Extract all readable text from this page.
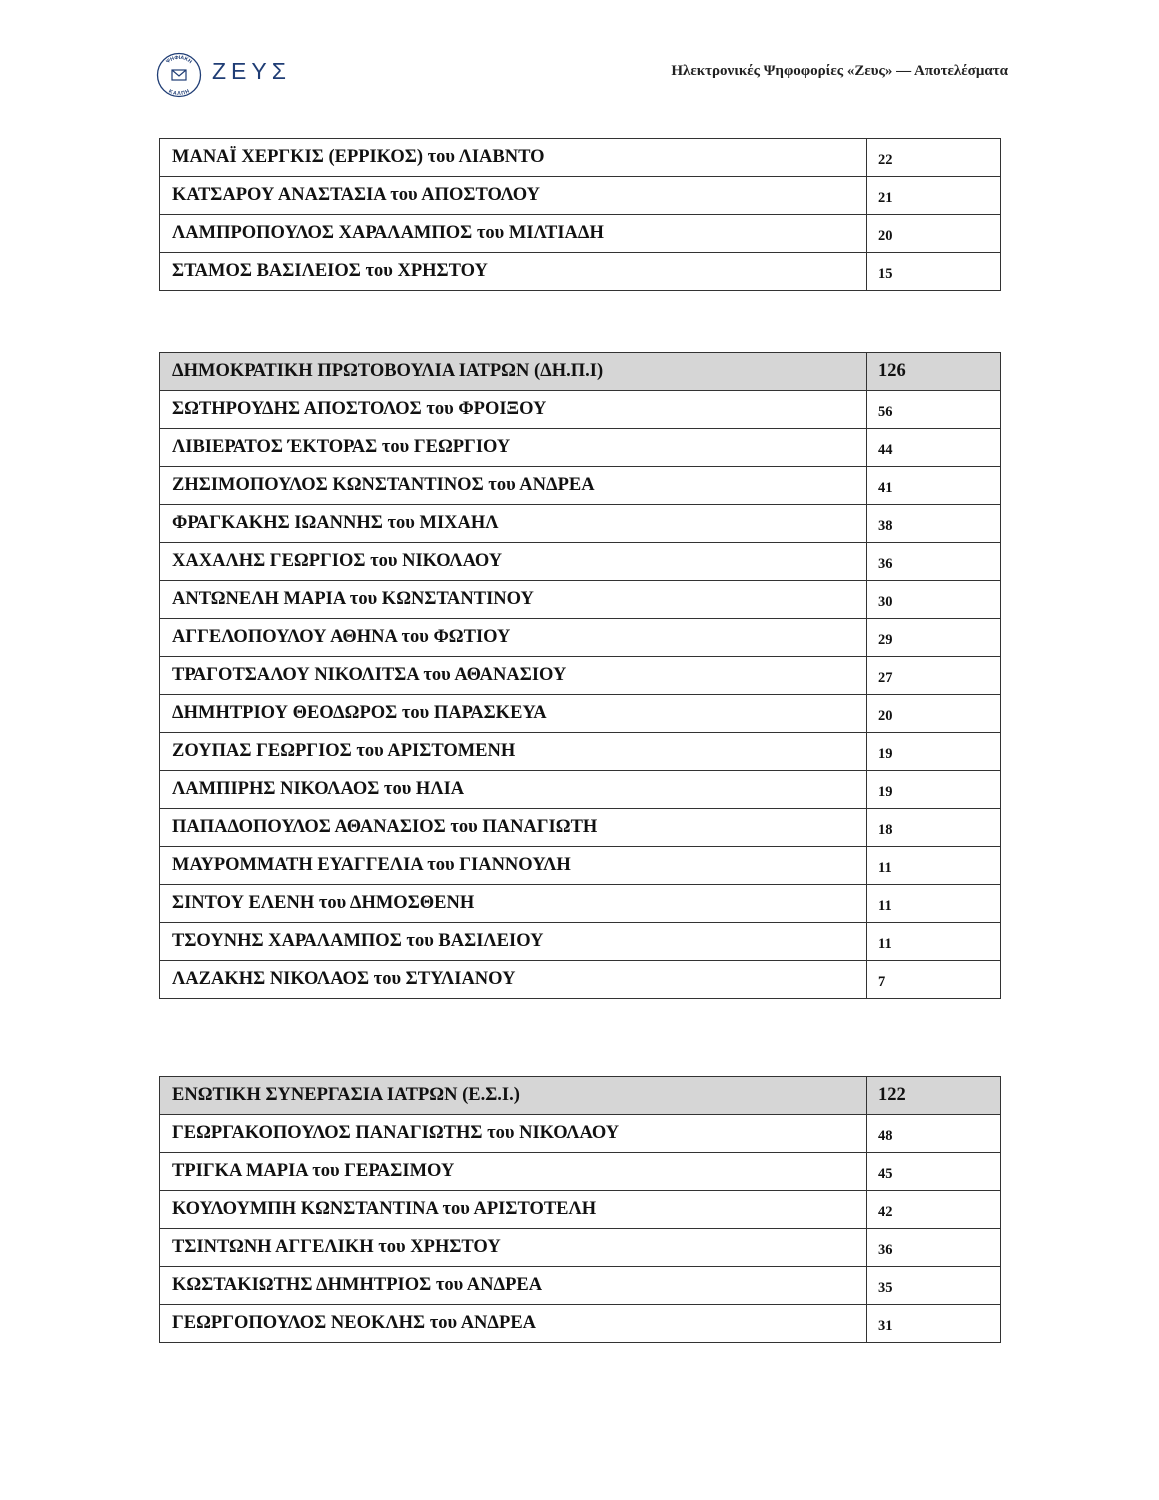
ΨΗΦΙΑΚΗ
ΚΑΛΠΗ
ΖΕΥΣ	Ηλεκτρονικές Ψηφοφορίες «Ζευς» — Αποτελέσματα
ΜΑΝΑΪ ΧΕΡΓΚΙΣ (ΕΡΡΙΚΟΣ) του ΛΙΑΒΝΤΟ	22
ΚΑΤΣΑΡΟΥ ΑΝΑΣΤΑΣΙΑ του ΑΠΟΣΤΟΛΟΥ	21
ΛΑΜΠΡΟΠΟΥΛΟΣ ΧΑΡΑΛΑΜΠΟΣ του ΜΙΛΤΙΑΔΗ	20
ΣΤΑΜΟΣ ΒΑΣΙΛΕΙΟΣ του ΧΡΗΣΤΟΥ	15
ΔΗΜΟΚΡΑΤΙΚΗ ΠΡΩΤΟΒΟΥΛΙΑ ΙΑΤΡΩΝ (ΔΗ.Π.Ι)	126
ΣΩΤΗΡΟΥΔΗΣ ΑΠΟΣΤΟΛΟΣ του ΦΡΟΙΞΟΥ	56
ΛΙΒΙΕΡΑΤΟΣ ΈΚΤΟΡΑΣ του ΓΕΩΡΓΙΟΥ	44
ΖΗΣΙΜΟΠΟΥΛΟΣ ΚΩΝΣΤΑΝΤΙΝΟΣ του ΑΝΔΡΕΑ	41
ΦΡΑΓΚΑΚΗΣ ΙΩΑΝΝΗΣ του ΜΙΧΑΗΛ	38
ΧΑΧΑΛΗΣ ΓΕΩΡΓΙΟΣ του ΝΙΚΟΛΑΟΥ	36
ΑΝΤΩΝΕΛΗ ΜΑΡΙΑ του ΚΩΝΣΤΑΝΤΙΝΟΥ	30
ΑΓΓΕΛΟΠΟΥΛΟΥ ΑΘΗΝΑ του ΦΩΤΙΟΥ	29
ΤΡΑΓΟΤΣΑΛΟΥ ΝΙΚΟΛΙΤΣΑ του ΑΘΑΝΑΣΙΟΥ	27
ΔΗΜΗΤΡΙΟΥ ΘΕΟΔΩΡΟΣ του ΠΑΡΑΣΚΕΥΑ	20
ΖΟΥΠΑΣ ΓΕΩΡΓΙΟΣ του ΑΡΙΣΤΟΜΕΝΗ	19
ΛΑΜΠΙΡΗΣ ΝΙΚΟΛΑΟΣ του ΗΛΙΑ	19
ΠΑΠΑΔΟΠΟΥΛΟΣ ΑΘΑΝΑΣΙΟΣ του ΠΑΝΑΓΙΩΤΗ	18
ΜΑΥΡΟΜΜΑΤΗ ΕΥΑΓΓΕΛΙΑ του ΓΙΑΝΝΟΥΛΗ	11
ΣΙΝΤΟΥ ΕΛΕΝΗ του ΔΗΜΟΣΘΕΝΗ	11
ΤΣΟΥΝΗΣ ΧΑΡΑΛΑΜΠΟΣ του ΒΑΣΙΛΕΙΟΥ	11
ΛΑΖΑΚΗΣ ΝΙΚΟΛΑΟΣ του ΣΤΥΛΙΑΝΟΥ	7
ΕΝΩΤΙΚΗ ΣΥΝΕΡΓΑΣΙΑ ΙΑΤΡΩΝ (Ε.Σ.Ι.)	122
ΓΕΩΡΓΑΚΟΠΟΥΛΟΣ ΠΑΝΑΓΙΩΤΗΣ του ΝΙΚΟΛΑΟΥ	48
ΤΡΙΓΚΑ ΜΑΡΙΑ του ΓΕΡΑΣΙΜΟΥ	45
ΚΟΥΛΟΥΜΠΗ ΚΩΝΣΤΑΝΤΙΝΑ του ΑΡΙΣΤΟΤΕΛΗ	42
ΤΣΙΝΤΩΝΗ ΑΓΓΕΛΙΚΗ του ΧΡΗΣΤΟΥ	36
ΚΩΣΤΑΚΙΩΤΗΣ ΔΗΜΗΤΡΙΟΣ του ΑΝΔΡΕΑ	35
ΓΕΩΡΓΟΠΟΥΛΟΣ ΝΕΟΚΛΗΣ του ΑΝΔΡΕΑ	31
